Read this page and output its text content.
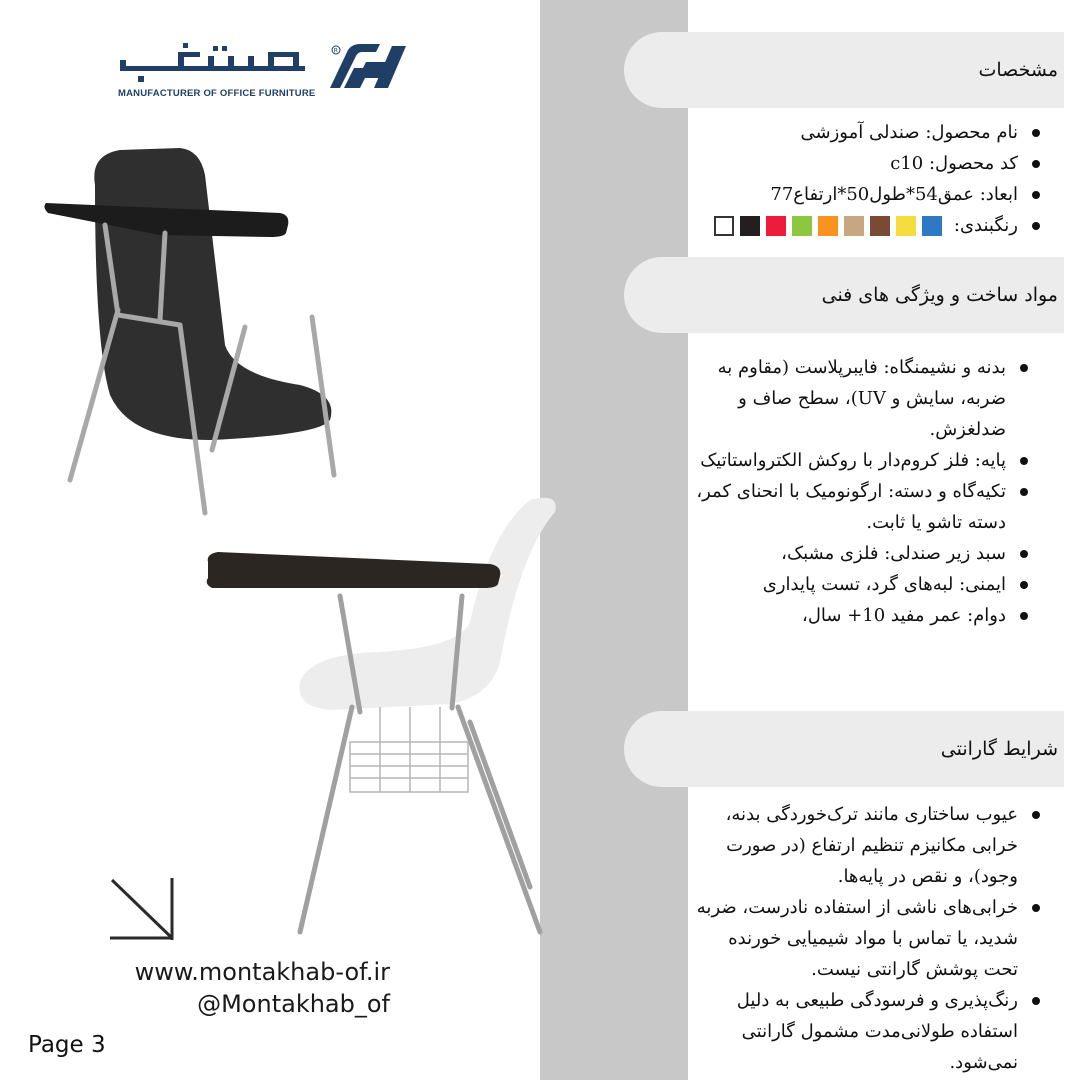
R
MANUFACTURER OF OFFICE FURNITURE
مشخصات
نام محصول: صندلی آموزشی
کد محصول: c10
ابعاد: عمق54*طول50*ارتفاع77
رنگبندی:
مواد ساخت و ویژگی های فنی
بدنه و نشیمنگاه: فایبرپلاست (مقاوم به ضربه، سایش و UV)، سطح صاف و ضدلغزش.
پایه: فلز کروم‌دار با روکش الکترواستاتیک
تکیه‌گاه و دسته: ارگونومیک با انحنای کمر، دسته تاشو یا ثابت.
سبد زیر صندلی: فلزی مشبک،
ایمنی: لبه‌های گرد، تست پایداری
دوام: عمر مفید 10+ سال،
شرایط گارانتی
عیوب ساختاری مانند ترک‌خوردگی بدنه، خرابی مکانیزم تنظیم ارتفاع (در صورت وجود)، و نقص در پایه‌ها.
خرابی‌های ناشی از استفاده نادرست، ضربه شدید، یا تماس با مواد شیمیایی خورنده تحت پوشش گارانتی نیست.
رنگ‌پذیری و فرسودگی طبیعی به دلیل استفاده طولانی‌مدت مشمول گارانتی نمی‌شود.
www.montakhab-of.ir
@Montakhab_of
Page 3
